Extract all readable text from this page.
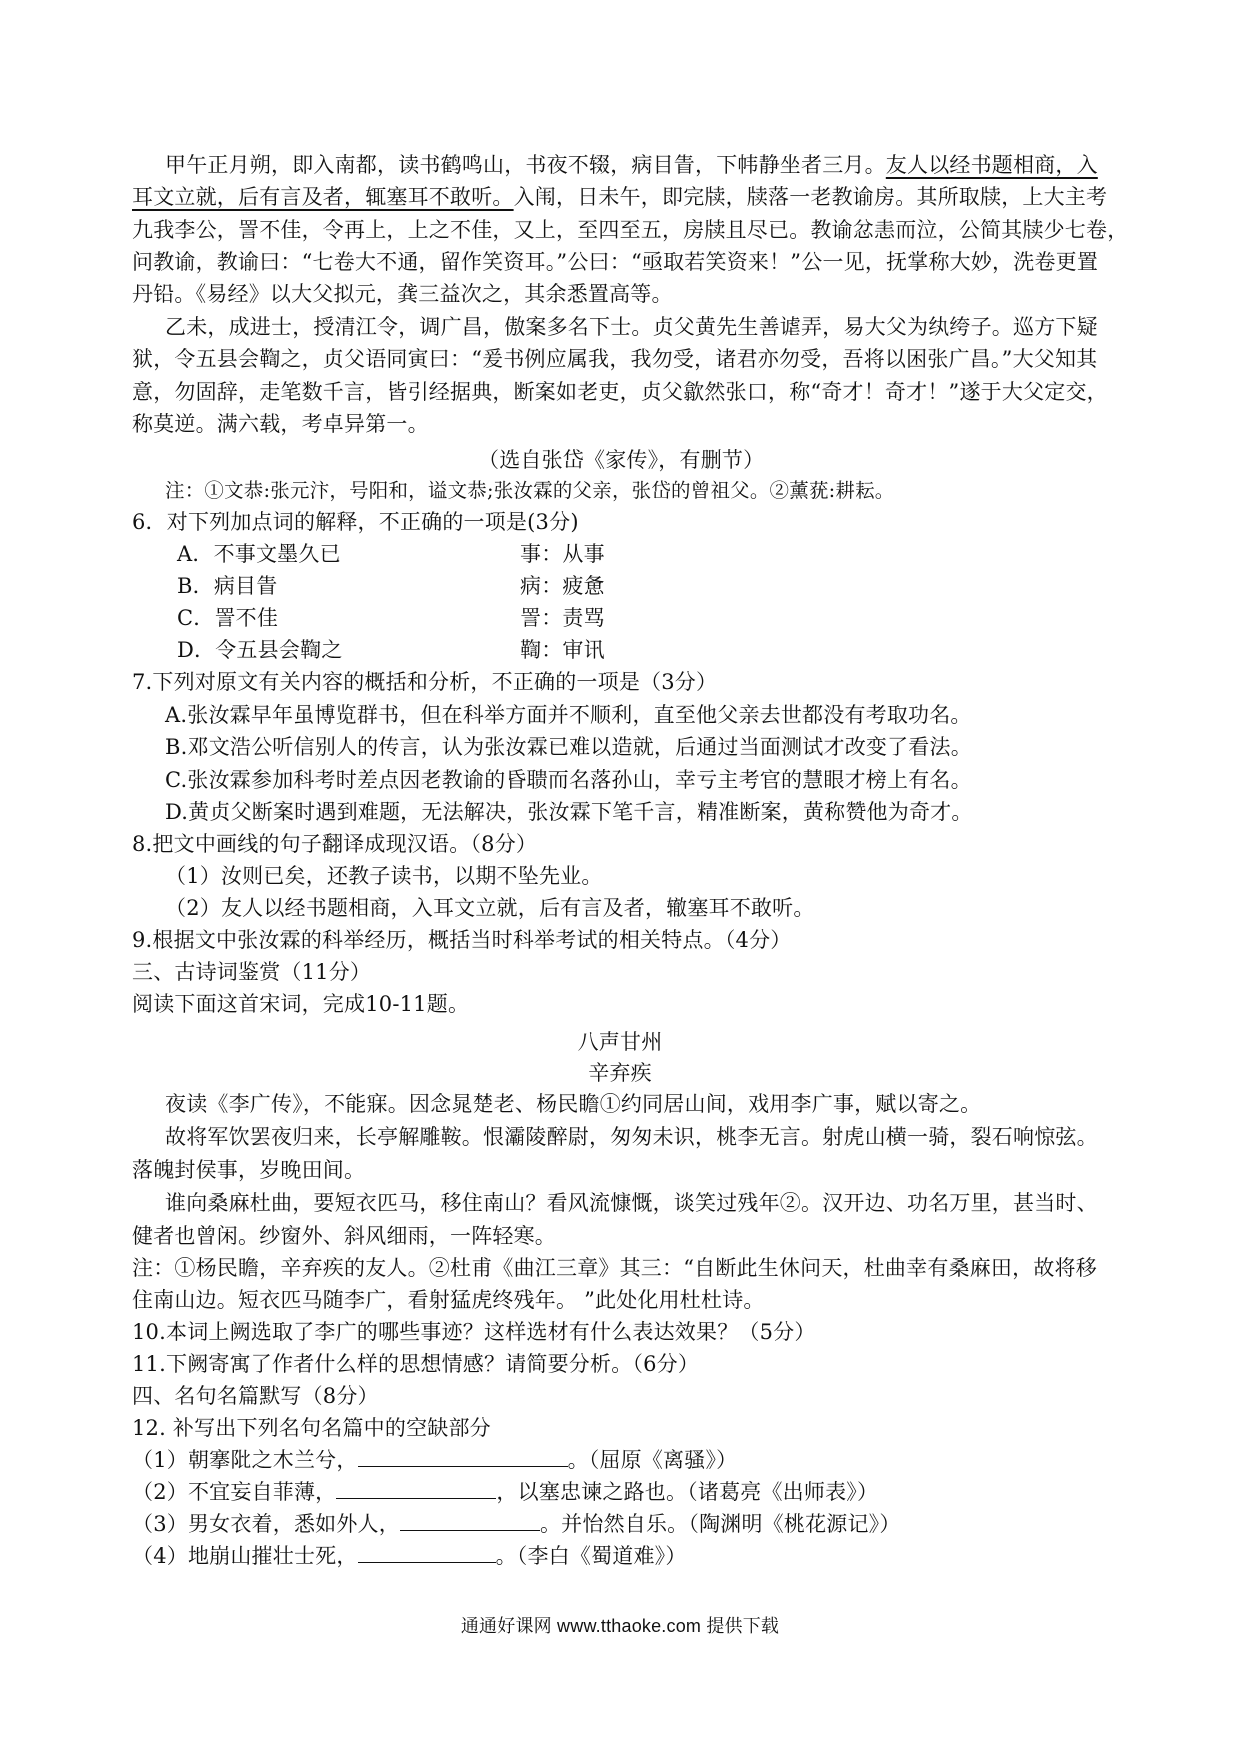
甲午正月朔，即入南都，读书鹤鸣山，书夜不辍，病目眚，下帏静坐者三月。友人以经书题相商，入
耳文立就，后有言及者，辄塞耳不敢听。入闱，日未午，即完牍，牍落一老教谕房。其所取牍，上大主考
九我李公，詈不佳，令再上，上之不佳，又上，至四至五，房牍且尽已。教谕忿恚而泣，公简其牍少七卷，
问教谕，教谕曰：“七卷大不通，留作笑资耳。”公曰：“亟取若笑资来！”公一见，抚掌称大妙，洗卷更置
丹铅。《易经》以大父拟元，龚三益次之，其余悉置高等。
乙未，成进士，授清江令，调广昌，傲案多名下士。贞父黄先生善谑弄，易大父为纨绔子。巡方下疑
狱，令五县会鞫之，贞父语同寅曰：“爰书例应属我，我勿受，诸君亦勿受，吾将以困张广昌。”大父知其
意，勿固辞，走笔数千言，皆引经据典，断案如老吏，贞父歙然张口，称“奇才！奇才！”遂于大父定交，
称莫逆。满六载，考卓异第一。
（选自张岱《家传》，有删节）
注：①文恭:张元汴，号阳和，谥文恭;张汝霖的父亲，张岱的曾祖父。②薰莸:耕耘。
6．对下列加点词的解释，不正确的一项是(3分)
A．不事文墨久已	事：从事
B．病目眚	病：疲惫
C．詈不佳	詈：责骂
D．令五县会鞫之	鞫：审讯
7.下列对原文有关内容的概括和分析，不正确的一项是（3分）
A.张汝霖早年虽博览群书，但在科举方面并不顺利，直至他父亲去世都没有考取功名。
B.邓文浩公听信别人的传言，认为张汝霖已难以造就，后通过当面测试才改变了看法。
C.张汝霖参加科考时差点因老教谕的昏聩而名落孙山，幸亏主考官的慧眼才榜上有名。
D.黄贞父断案时遇到难题，无法解决，张汝霖下笔千言，精准断案，黄称赞他为奇才。
8.把文中画线的句子翻译成现汉语。（8分）
（1）汝则已矣，还教子读书，以期不坠先业。
（2）友人以经书题相商，入耳文立就，后有言及者，辙塞耳不敢听。
9.根据文中张汝霖的科举经历，概括当时科举考试的相关特点。（4分）
三、古诗词鉴赏（11分）
阅读下面这首宋词，完成10-11题。
八声甘州
辛弃疾
夜读《李广传》，不能寐。因念晁楚老、杨民瞻①约同居山间，戏用李广事，赋以寄之。
故将军饮罢夜归来，长亭解雕鞍。恨灞陵醉尉，匆匆未识，桃李无言。射虎山横一骑，裂石响惊弦。
落魄封侯事，岁晚田间。
谁向桑麻杜曲，要短衣匹马，移住南山？看风流慷慨，谈笑过残年②。汉开边、功名万里，甚当时、
健者也曾闲。纱窗外、斜风细雨，一阵轻寒。
注：①杨民瞻，辛弃疾的友人。②杜甫《曲江三章》其三：“自断此生休问天，杜曲幸有桑麻田，故将移
住南山边。短衣匹马随李广，看射猛虎终残年。 ”此处化用杜杜诗。
10.本词上阙选取了李广的哪些事迹？这样选材有什么表达效果？（5分）
11.下阙寄寓了作者什么样的思想情感？请简要分析。（6分）
四、名句名篇默写（8分）
12. 补写出下列名句名篇中的空缺部分
（1）朝搴阰之木兰兮，	。（屈原《离骚》）
（2）不宜妄自菲薄，	，以塞忠谏之路也。（诸葛亮《出师表》）
（3）男女衣着，悉如外人，	。并怡然自乐。（陶渊明《桃花源记》）
（4）地崩山摧壮士死，	。（李白《蜀道难》）
通通好课网 www.tthaoke.com 提供下载
